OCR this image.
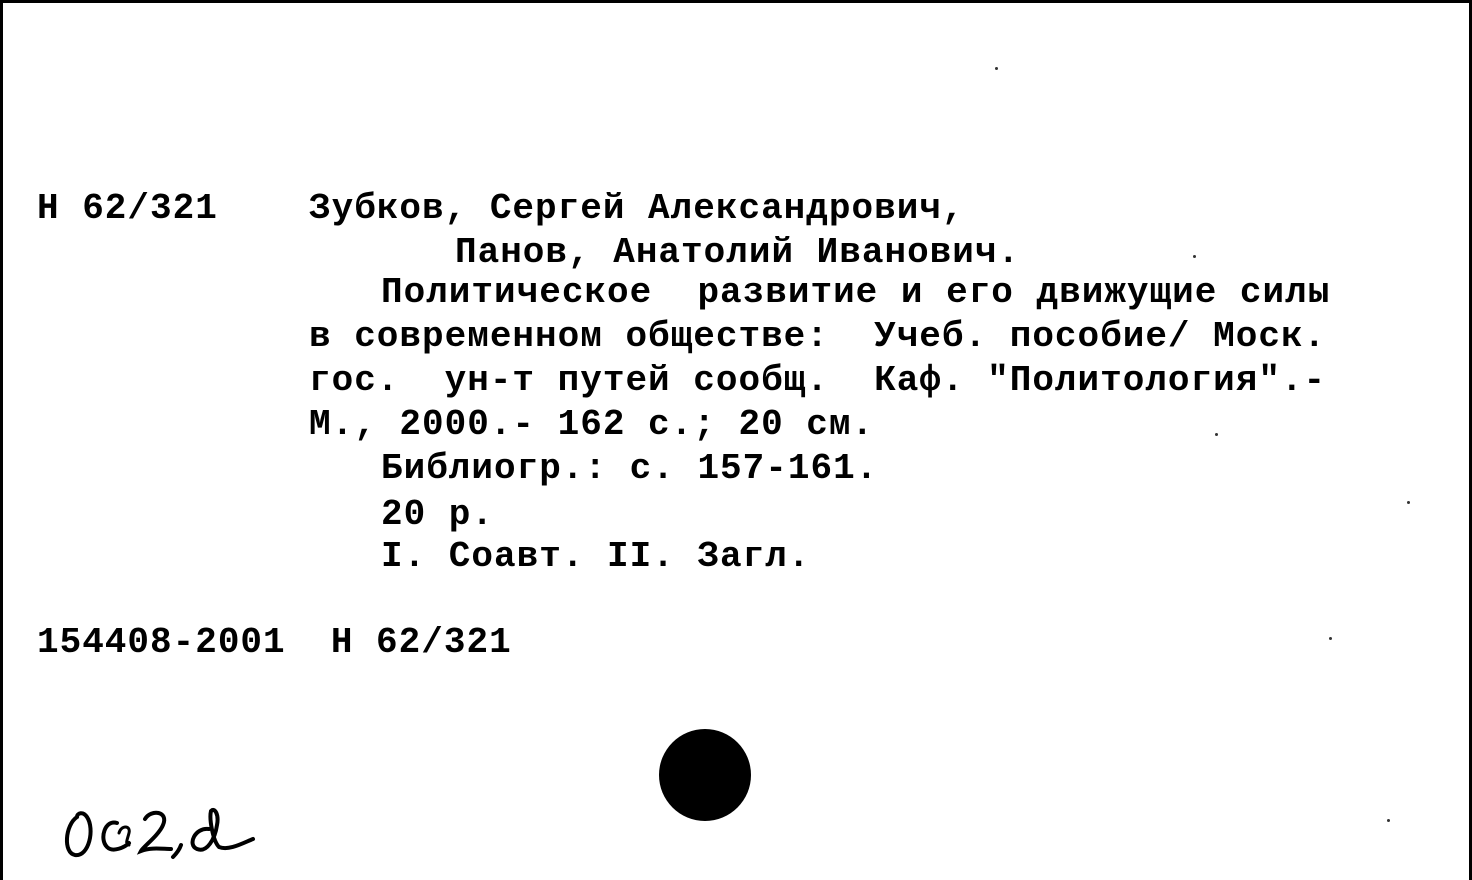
Н 62/321	Зубков, Сергей Александрович,
Панов, Анатолий Иванович.
Политическое  развитие и его движущие силы
в современном обществе:  Учеб. пособие/ Моск.
гос.  ун-т путей сообщ.  Каф. "Политология".-
М., 2000.- 162 с.; 20 см.
Библиогр.: с. 157-161.
20 р.
I. Соавт. II. Загл.
154408-2001  Н 62/321
